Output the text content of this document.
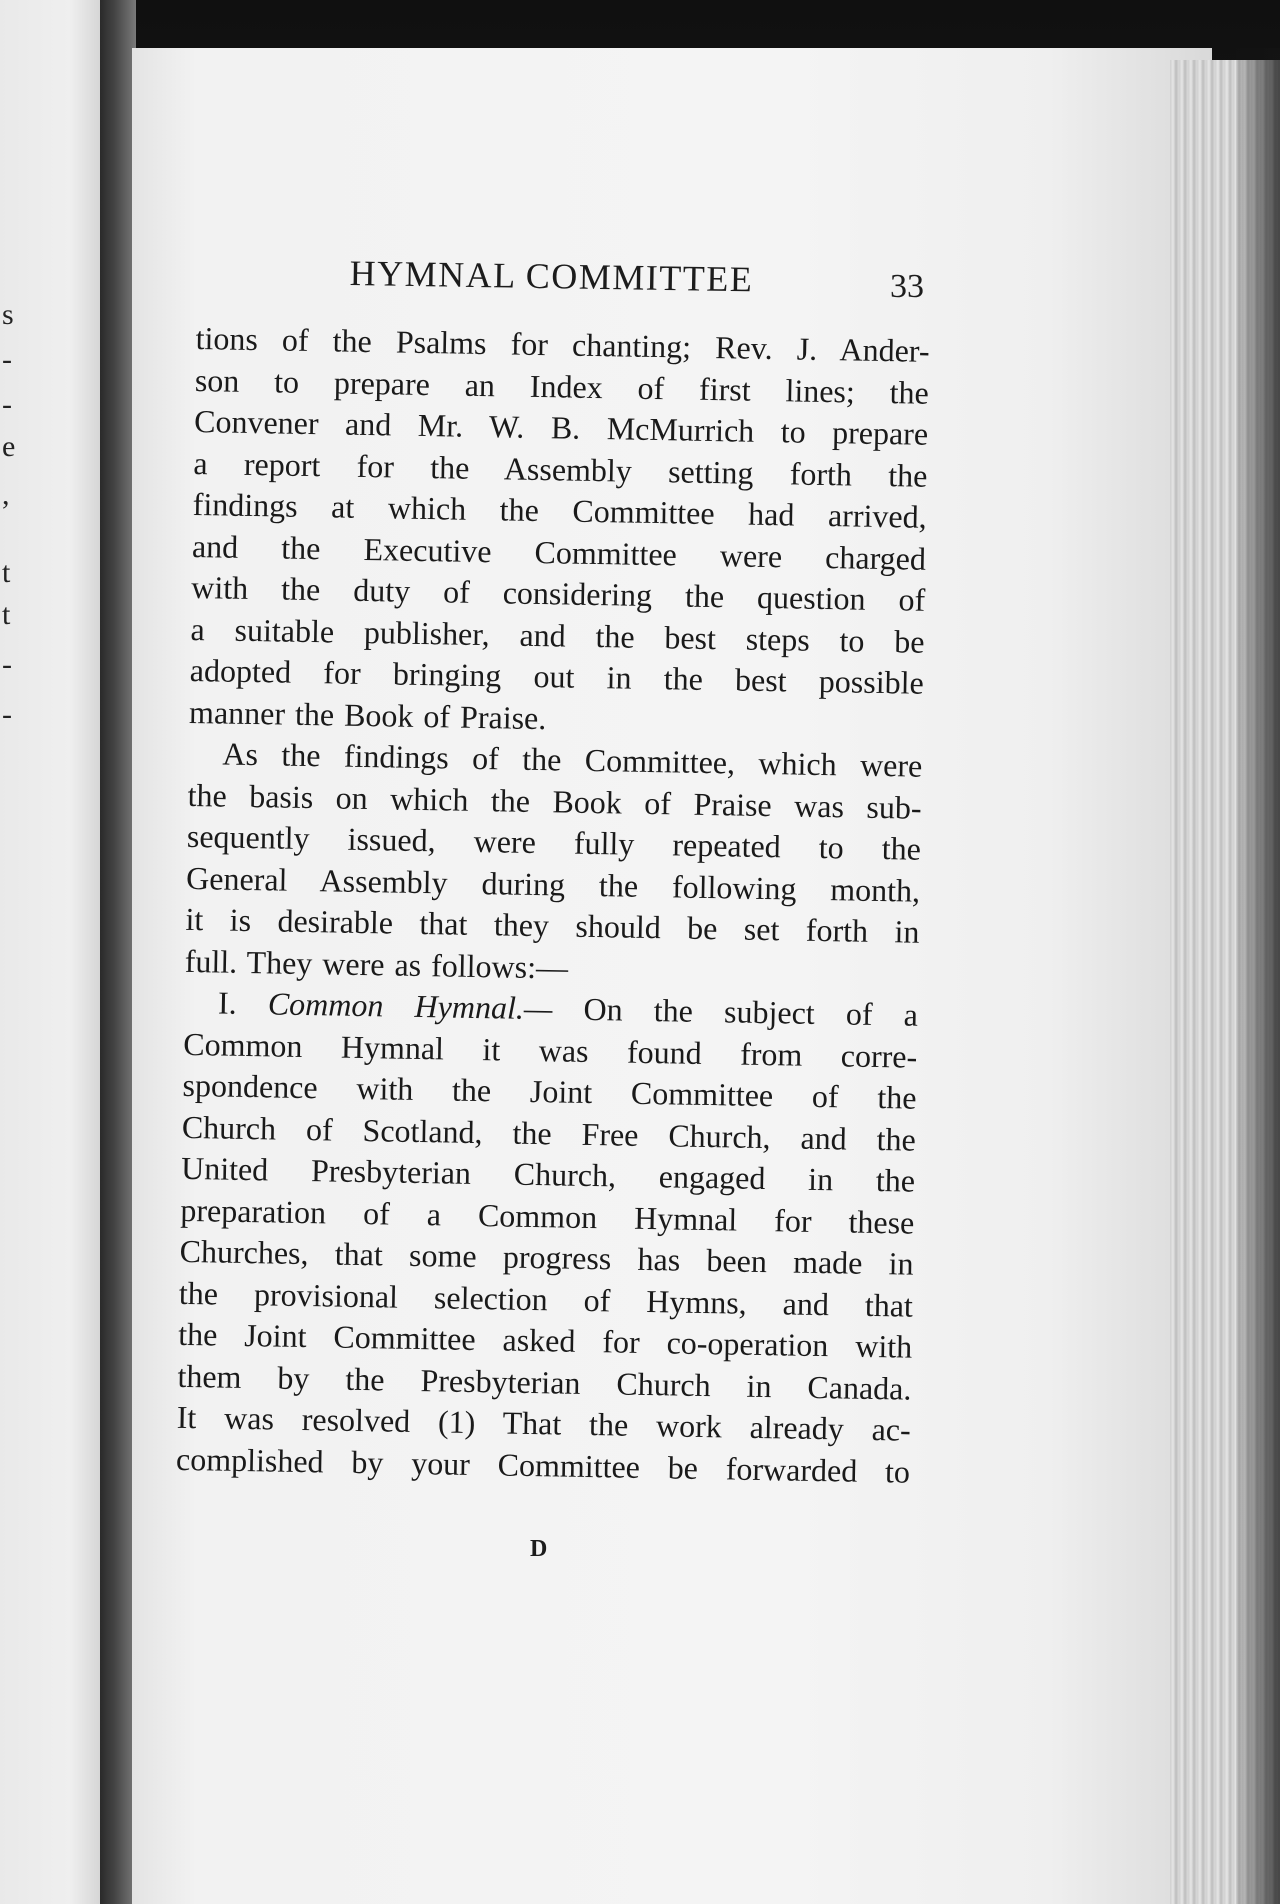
s
-
-
e
,
t
t
-
-
HYMNAL COMMITTEE	33
tions of the Psalms for chanting; Rev. J. Ander-
son to prepare an Index of first lines; the
Convener and Mr. W. B. McMurrich to prepare
a report for the Assembly setting forth the
findings at which the Committee had arrived,
and the Executive Committee were charged
with the duty of considering the question of
a suitable publisher, and the best steps to be
adopted for bringing out in the best possible
manner the Book of Praise.
As the findings of the Committee, which were
the basis on which the Book of Praise was sub-
sequently issued, were fully repeated to the
General Assembly during the following month,
it is desirable that they should be set forth in
full. They were as follows:—
I. Common Hymnal.— On the subject of a
Common Hymnal it was found from corre-
spondence with the Joint Committee of the
Church of Scotland, the Free Church, and the
United Presbyterian Church, engaged in the
preparation of a Common Hymnal for these
Churches, that some progress has been made in
the provisional selection of Hymns, and that
the Joint Committee asked for co-operation with
them by the Presbyterian Church in Canada.
It was resolved (1) That the work already ac-
complished by your Committee be forwarded to
D
